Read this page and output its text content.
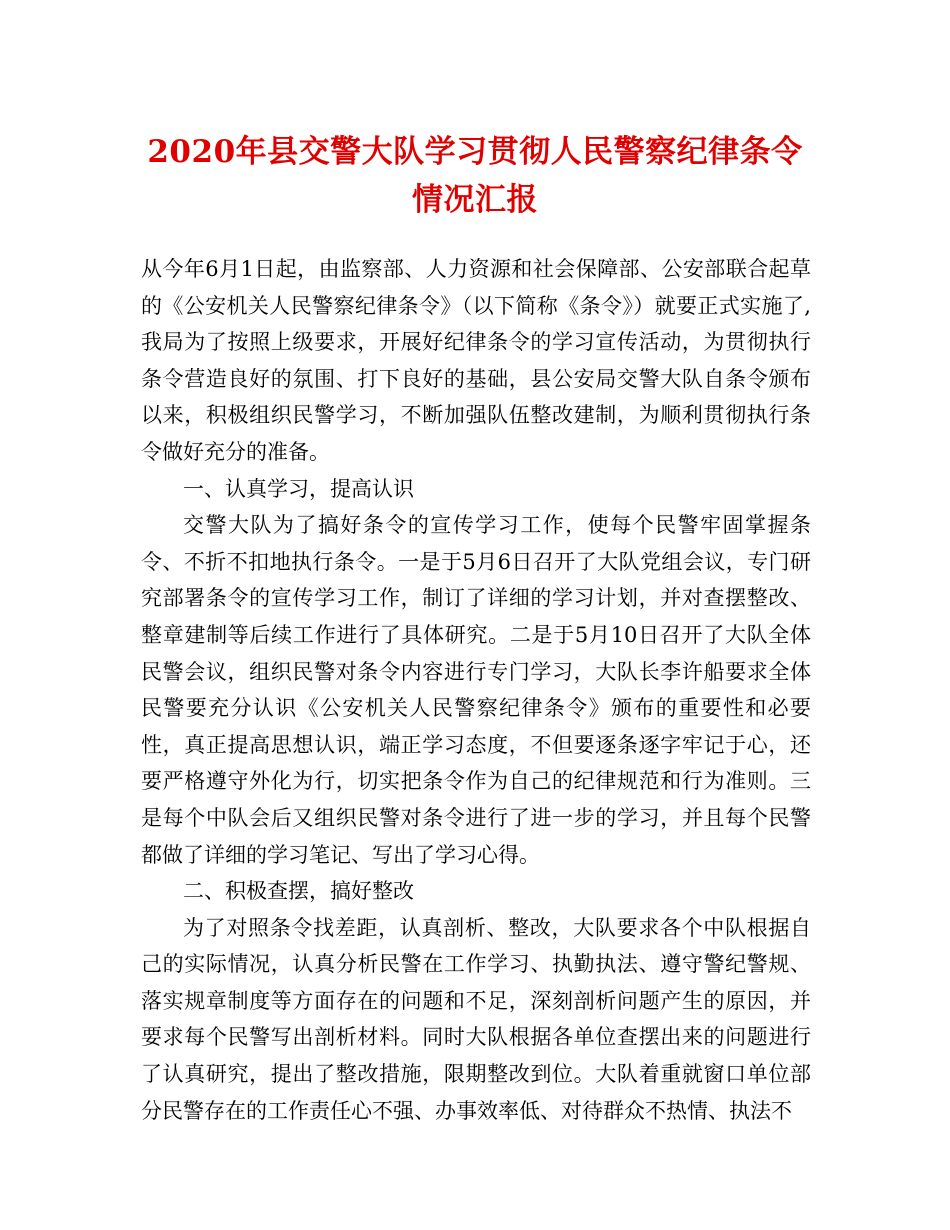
2020年县交警大队学习贯彻人民警察纪律条令情况汇报

从今年6月1日起，由监察部、人力资源和社会保障部、公安部联合起草的《公安机关人民警察纪律条令》（以下简称《条令》）就要正式实施了,我局为了按照上级要求，开展好纪律条令的学习宣传活动，为贯彻执行条令营造良好的氛围、打下良好的基础，县公安局交警大队自条令颁布以来，积极组织民警学习，不断加强队伍整改建制，为顺利贯彻执行条令做好充分的准备。

一、认真学习，提高认识

交警大队为了搞好条令的宣传学习工作，使每个民警牢固掌握条令、不折不扣地执行条令。一是于5月6日召开了大队党组会议，专门研究部署条令的宣传学习工作，制订了详细的学习计划，并对查摆整改、整章建制等后续工作进行了具体研究。二是于5月10日召开了大队全体民警会议，组织民警对条令内容进行专门学习，大队长李许船要求全体民警要充分认识《公安机关人民警察纪律条令》颁布的重要性和必要性，真正提高思想认识，端正学习态度，不但要逐条逐字牢记于心，还要严格遵守外化为行，切实把条令作为自己的纪律规范和行为准则。三是每个中队会后又组织民警对条令进行了进一步的学习，并且每个民警都做了详细的学习笔记、写出了学习心得。

二、积极查摆，搞好整改

为了对照条令找差距，认真剖析、整改，大队要求各个中队根据自己的实际情况，认真分析民警在工作学习、执勤执法、遵守警纪警规、落实规章制度等方面存在的问题和不足，深刻剖析问题产生的原因，并要求每个民警写出剖析材料。同时大队根据各单位查摆出来的问题进行了认真研究，提出了整改措施，限期整改到位。大队着重就窗口单位部分民警存在的工作责任心不强、办事效率低、对待群众不热情、执法不
